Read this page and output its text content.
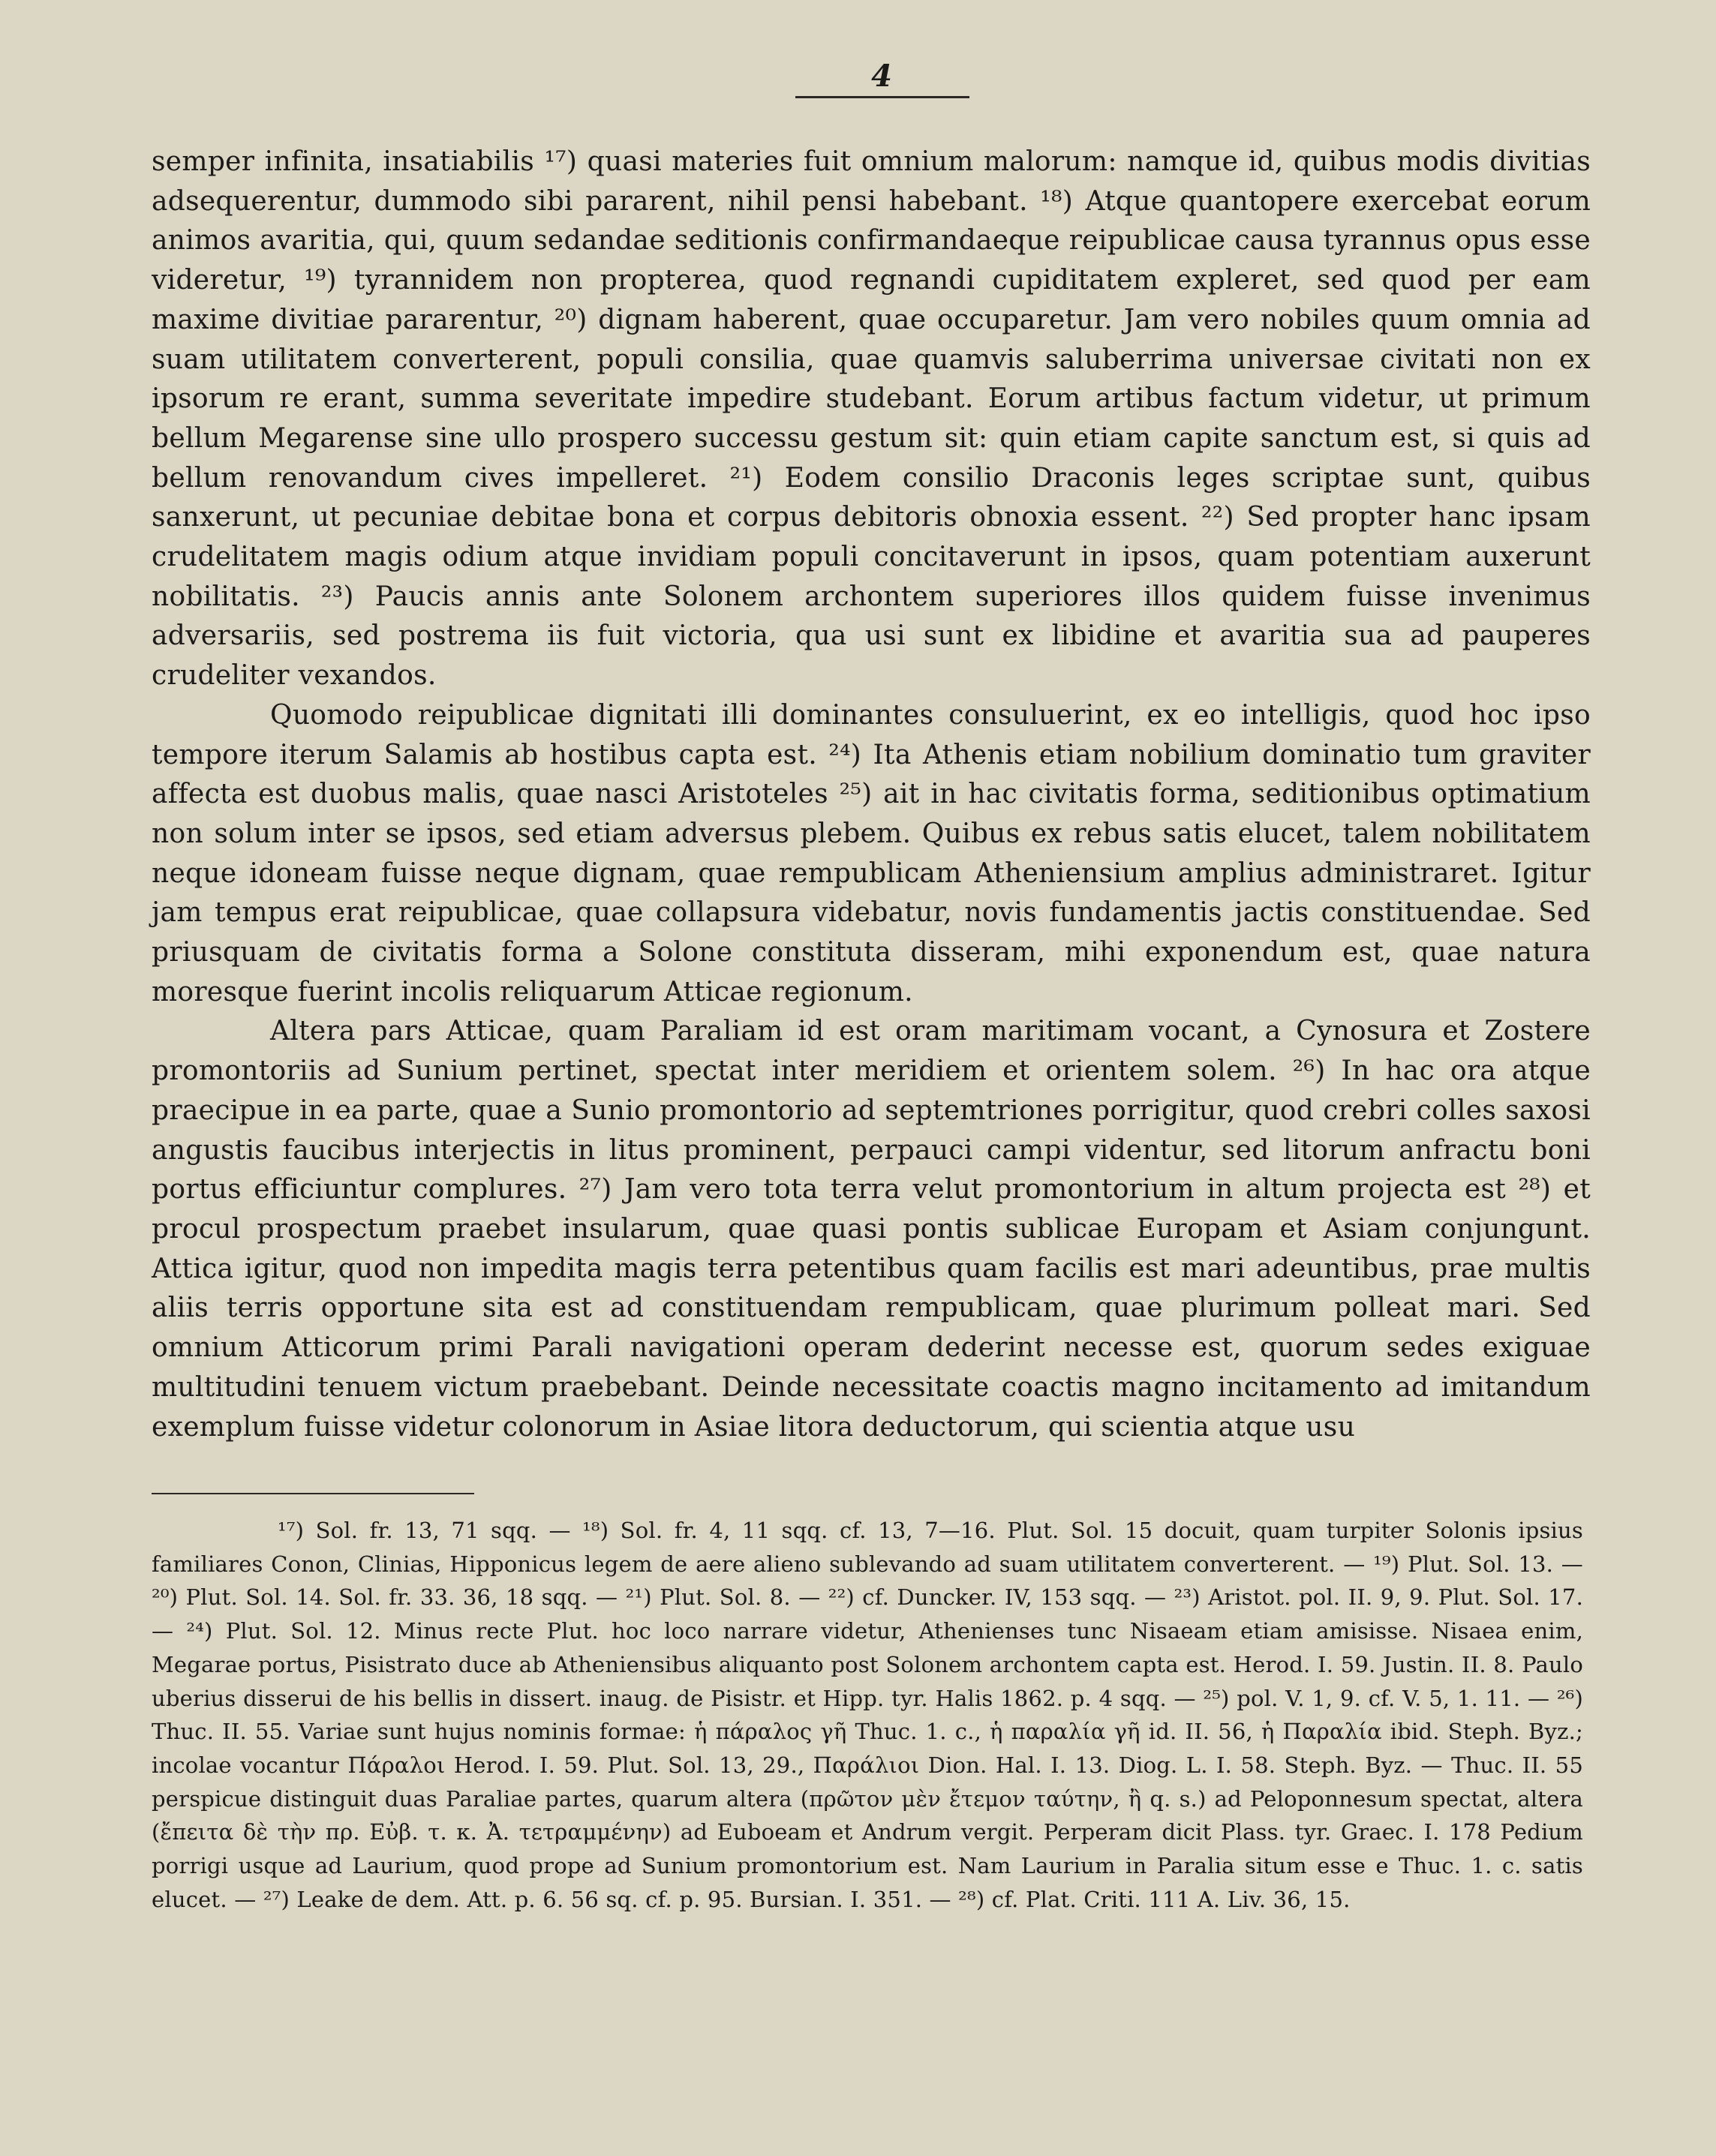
4

semper infinita, insatiabilis ¹⁷) quasi materies fuit omnium malorum: namque id, quibus modis divitias adsequerentur, dummodo sibi pararent, nihil pensi habebant. ¹⁸) Atque quantopere exercebat eorum animos avaritia, qui, quum sedandae seditionis confirmandaeque reipublicae causa tyrannus opus esse videretur, ¹⁹) tyrannidem non propterea, quod regnandi cupiditatem expleret, sed quod per eam maxime divitiae pararentur, ²⁰) dignam haberent, quae occuparetur. Jam vero nobiles quum omnia ad suam utilitatem converterent, populi consilia, quae quamvis saluberrima universae civitati non ex ipsorum re erant, summa severitate impedire studebant. Eorum artibus factum videtur, ut primum bellum Megarense sine ullo prospero successu gestum sit: quin etiam capite sanctum est, si quis ad bellum renovandum cives impelleret. ²¹) Eodem consilio Draconis leges scriptae sunt, quibus sanxerunt, ut pecuniae debitae bona et corpus debitoris obnoxia essent. ²²) Sed propter hanc ipsam crudelitatem magis odium atque invidiam populi concitaverunt in ipsos, quam potentiam auxerunt nobilitatis. ²³) Paucis annis ante Solonem archontem superiores illos quidem fuisse invenimus adversariis, sed postrema iis fuit victoria, qua usi sunt ex libidine et avaritia sua ad pauperes crudeliter vexandos.

Quomodo reipublicae dignitati illi dominantes consuluerint, ex eo intelligis, quod hoc ipso tempore iterum Salamis ab hostibus capta est. ²⁴) Ita Athenis etiam nobilium dominatio tum graviter affecta est duobus malis, quae nasci Aristoteles ²⁵) ait in hac civitatis forma, seditionibus optimatium non solum inter se ipsos, sed etiam adversus plebem. Quibus ex rebus satis elucet, talem nobilitatem neque idoneam fuisse neque dignam, quae rempublicam Atheniensium amplius administraret. Igitur jam tempus erat reipublicae, quae collapsura videbatur, novis fundamentis jactis constituendae. Sed priusquam de civitatis forma a Solone constituta disseram, mihi exponendum est, quae natura moresque fuerint incolis reliquarum Atticae regionum.

Altera pars Atticae, quam Paraliam id est oram maritimam vocant, a Cynosura et Zostere promontoriis ad Sunium pertinet, spectat inter meridiem et orientem solem. ²⁶) In hac ora atque praecipue in ea parte, quae a Sunio promontorio ad septemtriones porrigitur, quod crebri colles saxosi angustis faucibus interjectis in litus prominent, perpauci campi videntur, sed litorum anfractu boni portus efficiuntur complures. ²⁷) Jam vero tota terra velut promontorium in altum projecta est ²⁸) et procul prospectum praebet insularum, quae quasi pontis sublicae Europam et Asiam conjungunt. Attica igitur, quod non impedita magis terra petentibus quam facilis est mari adeuntibus, prae multis aliis terris opportune sita est ad constituendam rempublicam, quae plurimum polleat mari. Sed omnium Atticorum primi Parali navigationi operam dederint necesse est, quorum sedes exiguae multitudini tenuem victum praebebant. Deinde necessitate coactis magno incitamento ad imitandum exemplum fuisse videtur colonorum in Asiae litora deductorum, qui scientia atque usu

¹⁷) Sol. fr. 13, 71 sqq. — ¹⁸) Sol. fr. 4, 11 sqq. cf. 13, 7—16. Plut. Sol. 15 docuit, quam turpiter Solonis ipsius familiares Conon, Clinias, Hipponicus legem de aere alieno sublevando ad suam utilitatem converterent. — ¹⁹) Plut. Sol. 13. — ²⁰) Plut. Sol. 14. Sol. fr. 33. 36, 18 sqq. — ²¹) Plut. Sol. 8. — ²²) cf. Duncker. IV, 153 sqq. — ²³) Aristot. pol. II. 9, 9. Plut. Sol. 17. — ²⁴) Plut. Sol. 12. Minus recte Plut. hoc loco narrare videtur, Athenienses tunc Nisaeam etiam amisisse. Nisaea enim, Megarae portus, Pisistrato duce ab Atheniensibus aliquanto post Solonem archontem capta est. Herod. I. 59. Justin. II. 8. Paulo uberius disserui de his bellis in dissert. inaug. de Pisistr. et Hipp. tyr. Halis 1862. p. 4 sqq. — ²⁵) pol. V. 1, 9. cf. V. 5, 1. 11. — ²⁶) Thuc. II. 55. Variae sunt hujus nominis formae: ἡ πάραλος γῆ Thuc. 1. c., ἡ παραλία γῆ id. II. 56, ἡ Παραλία ibid. Steph. Byz.; incolae vocantur Πάραλοι Herod. I. 59. Plut. Sol. 13, 29., Παράλιοι Dion. Hal. I. 13. Diog. L. I. 58. Steph. Byz. — Thuc. II. 55 perspicue distinguit duas Paraliae partes, quarum altera (πρῶτον μὲν ἔτεμον ταύτην, ἢ q. s.) ad Peloponnesum spectat, altera (ἔπειτα δὲ τὴν πρ. Εὐβ. τ. κ. Ἀ. τετραμμένην) ad Euboeam et Andrum vergit. Perperam dicit Plass. tyr. Graec. I. 178 Pedium porrigi usque ad Laurium, quod prope ad Sunium promontorium est. Nam Laurium in Paralia situm esse e Thuc. 1. c. satis elucet. — ²⁷) Leake de dem. Att. p. 6. 56 sq. cf. p. 95. Bursian. I. 351. — ²⁸) cf. Plat. Criti. 111 A. Liv. 36, 15.
